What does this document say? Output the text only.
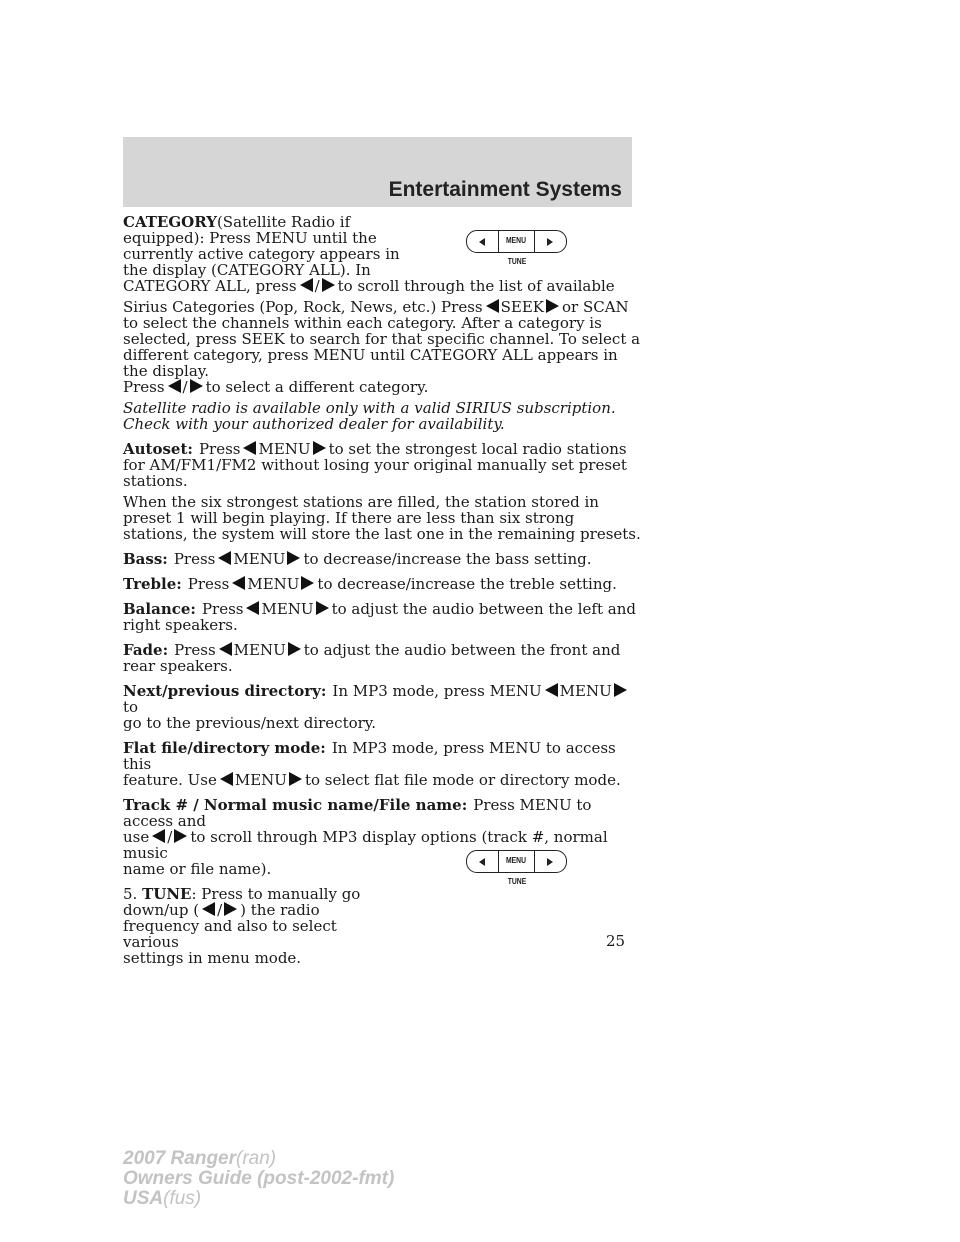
Entertainment Systems
MENU
TUNE
MENU
TUNE

CATEGORY(Satellite Radio if
equipped): Press MENU until the
currently active category appears in
the display (CATEGORY ALL). In
CATEGORY ALL, press / to scroll through the list of available

Sirius Categories (Pop, Rock, News, etc.) Press SEEK or SCAN
to select the channels within each category. After a category is selected, press SEEK to search for that specific channel. To select a different category, press MENU until CATEGORY ALL appears in the display.
Press / to select a different category.

Satellite radio is available only with a valid SIRIUS subscription. Check with your authorized dealer for availability.

Autoset: Press MENU to set the strongest local radio stations
for AM/FM1/FM2 without losing your original manually set preset stations.

When the six strongest stations are filled, the station stored in preset 1 will begin playing. If there are less than six strong stations, the system will store the last one in the remaining presets.

Bass: Press MENU to decrease/increase the bass setting.

Treble: Press MENU to decrease/increase the treble setting.

Balance: Press MENU to adjust the audio between the left and
right speakers.

Fade: Press MENU to adjust the audio between the front and
rear speakers.

Next/previous directory: In MP3 mode, press MENU MENUto
go to the previous/next directory.

Flat file/directory mode: In MP3 mode, press MENU to access this
feature. Use MENU to select flat file mode or directory mode.

Track # / Normal music name/File name: Press MENU to access and
use / to scroll through MP3 display options (track #, normal music
name or file name).

5. TUNE: Press to manually go
down/up ( / ) the radio
frequency and also to select various
settings in menu mode.

25
2007 Ranger(ran)
Owners Guide (post-2002-fmt)
USA(fus)
